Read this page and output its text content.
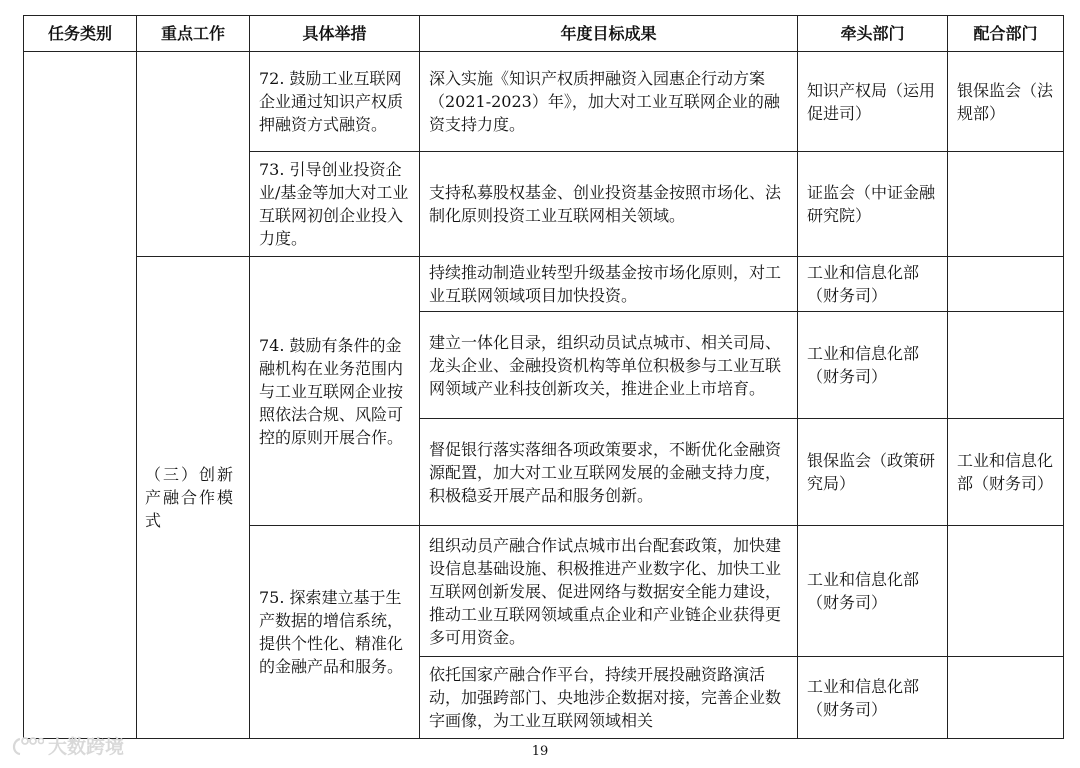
任务类别	重点工作	具体举措	年度目标成果	牵头部门	配合部门
		72. 鼓励工业互联网企业通过知识产权质押融资方式融资。	深入实施《知识产权质押融资入园惠企行动方案（2021-2023）年》，加大对工业互联网企业的融资支持力度。	知识产权局（运用促进司）	银保监会（法规部）
		73. 引导创业投资企业/基金等加大对工业互联网初创企业投入力度。	支持私募股权基金、创业投资基金按照市场化、法制化原则投资工业互联网相关领域。	证监会（中证金融研究院）	

	（三）创新产融合作模式	74. 鼓励有条件的金融机构在业务范围内与工业互联网企业按照依法合规、风险可控的原则开展合作。	持续推动制造业转型升级基金按市场化原则，对工业互联网领域项目加快投资。	工业和信息化部（财务司）	
			建立一体化目录，组织动员试点城市、相关司局、龙头企业、金融投资机构等单位积极参与工业互联网领域产业科技创新攻关，推进企业上市培育。	工业和信息化部（财务司）	
			督促银行落实落细各项政策要求，不断优化金融资源配置，加大对工业互联网发展的金融支持力度，积极稳妥开展产品和服务创新。	银保监会（政策研究局）	工业和信息化部（财务司）
		75. 探索建立基于生产数据的增信系统，提供个性化、精准化的金融产品和服务。	组织动员产融合作试点城市出台配套政策，加快建设信息基础设施、积极推进产业数字化、加快工业互联网创新发展、促进网络与数据安全能力建设，推动工业互联网领域重点企业和产业链企业获得更多可用资金。	工业和信息化部（财务司）	
			依托国家产融合作平台，持续开展投融资路演活动，加强跨部门、央地涉企数据对接，完善企业数字画像，为工业互联网领域相关	工业和信息化部（财务司）	
大数跨境	19
